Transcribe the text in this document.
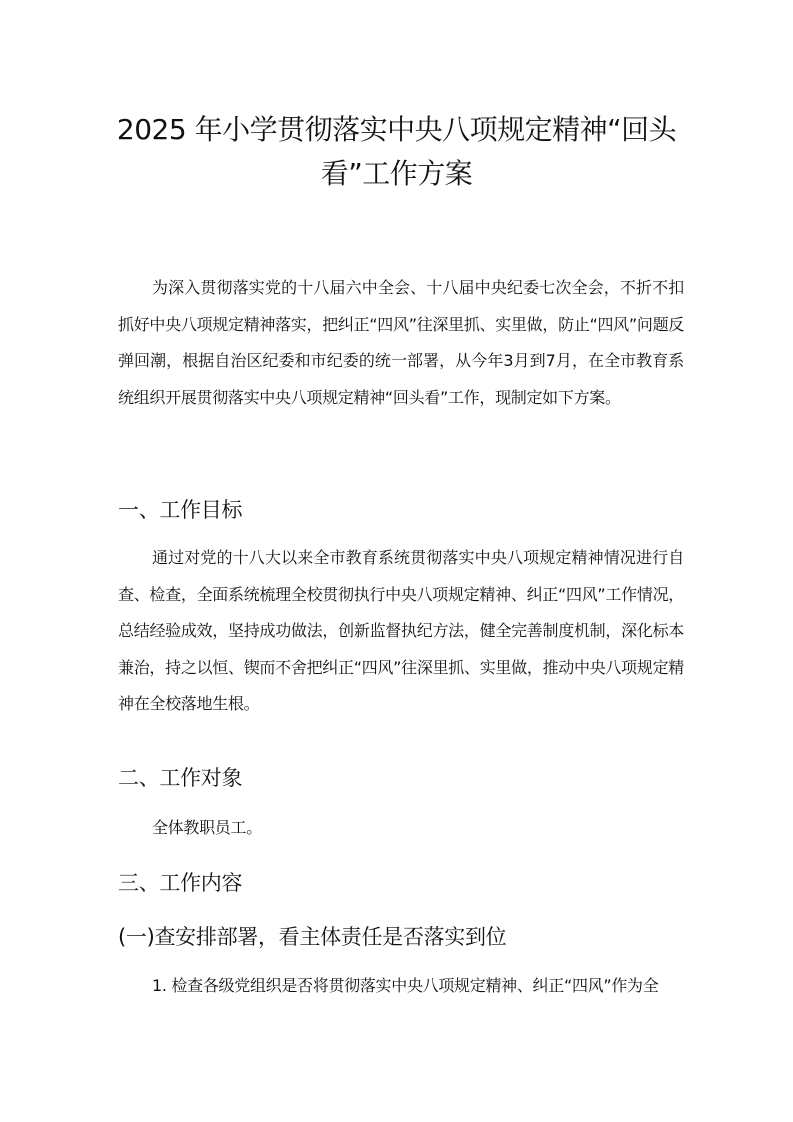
2025 年小学贯彻落实中央八项规定精神“回头
看”工作方案
为深入贯彻落实党的十八届六中全会、十八届中央纪委七次全会，不折不扣抓好中央八项规定精神落实，把纠正“四风”往深里抓、实里做，防止“四风”问题反弹回潮，根据自治区纪委和市纪委的统一部署，从今年3月到7月，在全市教育系统组织开展贯彻落实中央八项规定精神“回头看”工作，现制定如下方案。
一、工作目标
通过对党的十八大以来全市教育系统贯彻落实中央八项规定精神情况进行自查、检查，全面系统梳理全校贯彻执行中央八项规定精神、纠正“四风”工作情况，总结经验成效，坚持成功做法，创新监督执纪方法，健全完善制度机制，深化标本兼治，持之以恒、锲而不舍把纠正“四风”往深里抓、实里做，推动中央八项规定精神在全校落地生根。
二、工作对象
全体教职员工。
三、工作内容
(一)查安排部署，看主体责任是否落实到位
1. 检查各级党组织是否将贯彻落实中央八项规定精神、纠正“四风”作为全
